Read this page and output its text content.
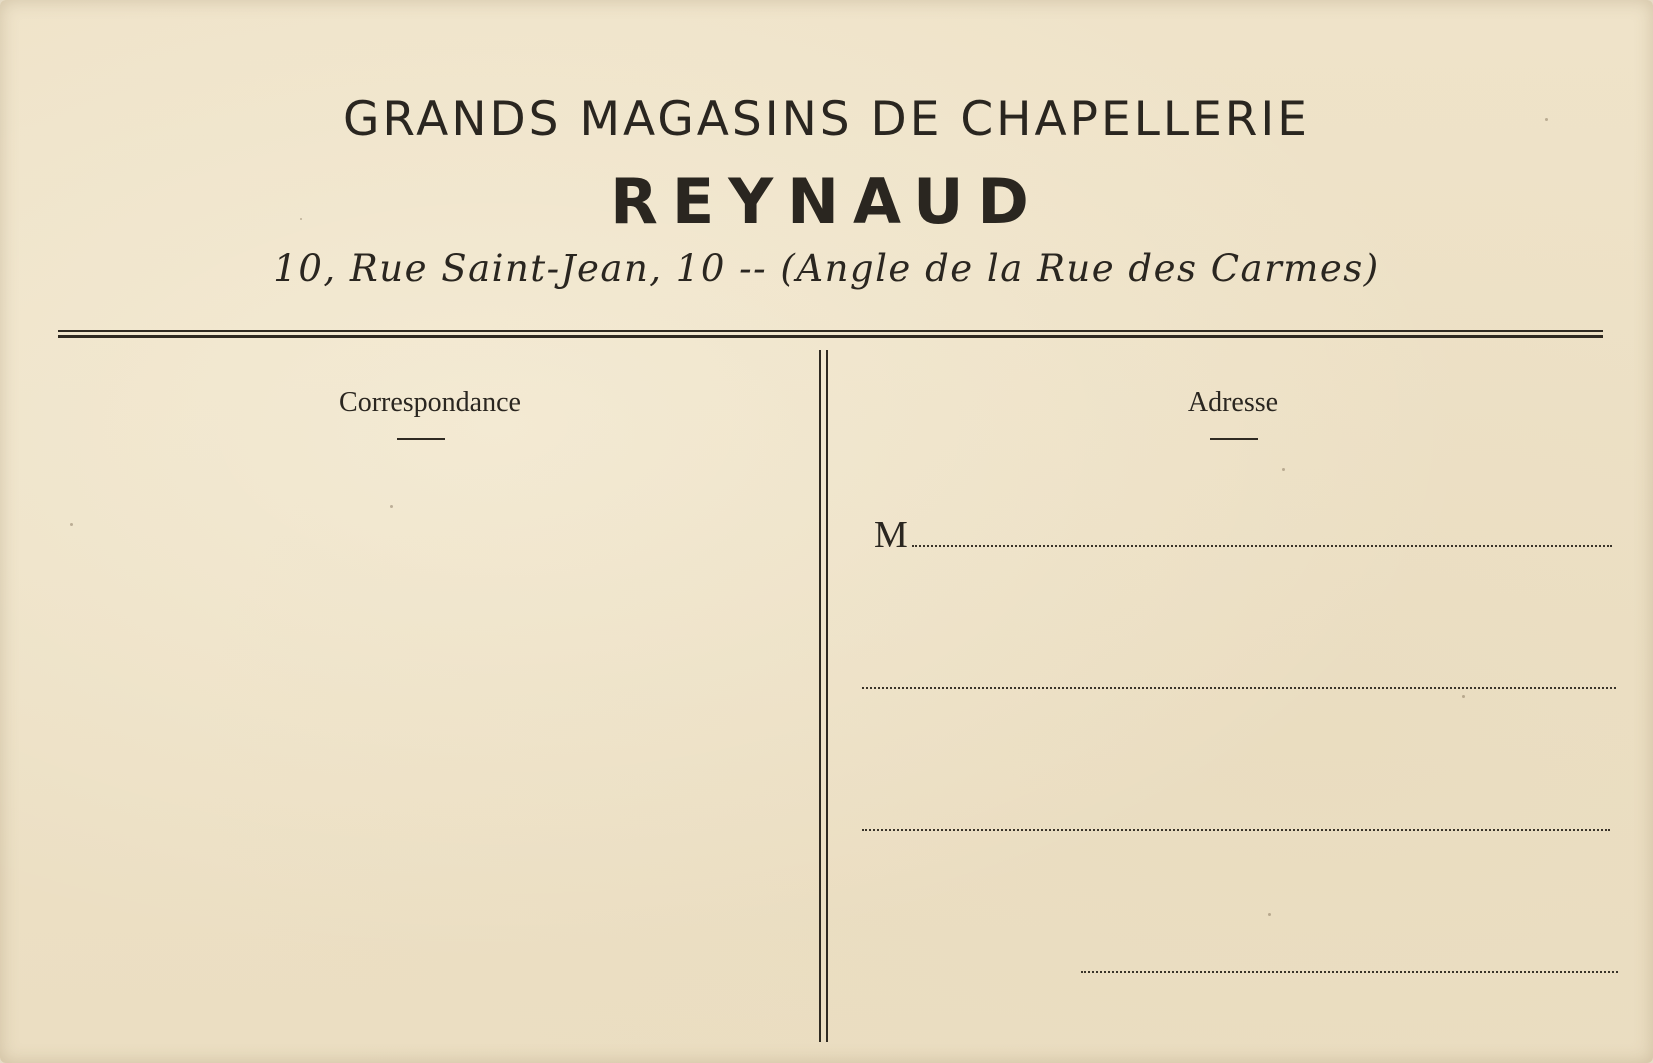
GRANDS MAGASINS DE CHAPELLERIE
REYNAUD
10, Rue Saint-Jean, 10 -- (Angle de la Rue des Carmes)
Correspondance	Adresse
M
